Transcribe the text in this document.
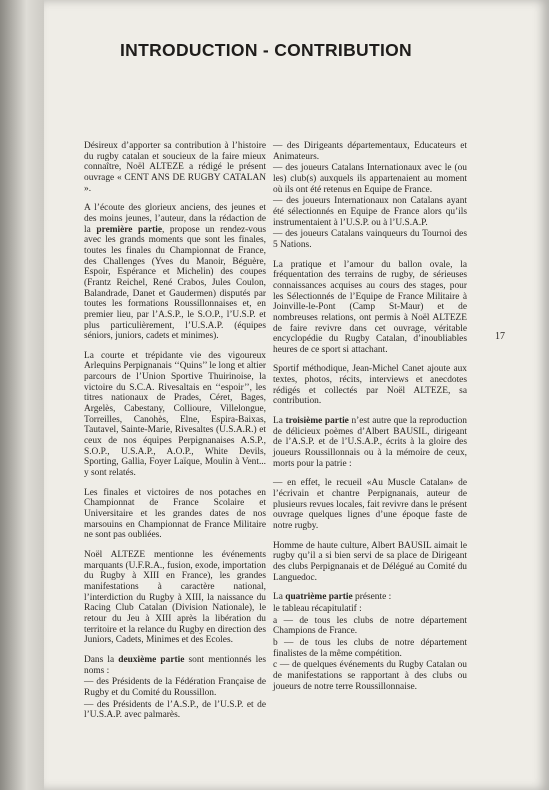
INTRODUCTION - CONTRIBUTION

Désireux d’apporter sa contribution à l’histoire du rugby catalan et soucieux de la faire mieux connaître, Noël ALTEZE a rédigé le présent ouvrage « CENT ANS DE RUGBY CATALAN ».

A l’écoute des glorieux anciens, des jeunes et des moins jeunes, l’auteur, dans la rédaction de la première partie, propose un rendez-vous avec les grands moments que sont les finales, toutes les finales du Championnat de France, des Challenges (Yves du Manoir, Béguère, Espoir, Espérance et Michelin) des coupes (Frantz Reichel, René Crabos, Jules Coulon, Balandrade, Danet et Gaudermen) disputés par toutes les formations Roussillonnaises et, en premier lieu, par l’A.S.P., le S.O.P., l’U.S.P. et plus particulièrement, l’U.S.A.P. (équipes séniors, juniors, cadets et minimes).

La courte et trépidante vie des vigoureux Arlequins Perpignanais ‘‘Quins’’ le long et altier parcours de l’Union Sportive Thuirinoise, la victoire du S.C.A. Rivesaltais en ‘‘espoir’’, les titres nationaux de Prades, Céret, Bages, Argelès, Cabestany, Collioure, Villelongue, Torreilles, Canohès, Elne, Espira-Baixas, Tautavel, Sainte-Marie, Rivesaltes (U.S.A.R.) et ceux de nos équipes Perpignanaises A.S.P., S.O.P., U.S.A.P., A.O.P., White Devils, Sporting, Gallia, Foyer Laïque, Moulin à Vent... y sont relatés.

Les finales et victoires de nos potaches en Championnat de France Scolaire et Universitaire et les grandes dates de nos marsouins en Championnat de France Militaire ne sont pas oubliées.

Noël ALTEZE mentionne les événements marquants (U.F.R.A., fusion, exode, importation du Rugby à XIII en France), les grandes manifestations à caractère national, l’interdiction du Rugby à XIII, la naissance du Racing Club Catalan (Division Nationale), le retour du Jeu à XIII après la libération du territoire et la relance du Rugby en direction des Juniors, Cadets, Minimes et des Ecoles.

Dans la deuxième partie sont mentionnés les noms :

— des Présidents de la Fédération Française de Rugby et du Comité du Roussillon.

— des Présidents de l’A.S.P., de l’U.S.P. et de l’U.S.A.P. avec palmarès.

— des Dirigeants départementaux, Educateurs et Animateurs.

— des joueurs Catalans Internationaux avec le (ou les) club(s) auxquels ils appartenaient au moment où ils ont été retenus en Equipe de France.

— des joueurs Internationaux non Catalans ayant été sélectionnés en Equipe de France alors qu’ils instrumentaient à l’U.S.P. ou à l’U.S.A.P.

— des joueurs Catalans vainqueurs du Tournoi des 5 Nations.

La pratique et l’amour du ballon ovale, la fréquentation des terrains de rugby, de sérieuses connaissances acquises au cours des stages, pour les Sélectionnés de l’Equipe de France Militaire à Joinville-le-Pont (Camp St-Maur) et de nombreuses relations, ont permis à Noël ALTEZE de faire revivre dans cet ouvrage, véritable encyclopédie du Rugby Catalan, d’inoubliables heures de ce sport si attachant.

Sportif méthodique, Jean-Michel Canet ajoute aux textes, photos, récits, interviews et anecdotes rédigés et collectés par Noël ALTEZE, sa contribution.

La troisième partie n’est autre que la reproduction de délicieux poèmes d’Albert BAUSIL, dirigeant de l’A.S.P. et de l’U.S.A.P., écrits à la gloire des joueurs Roussillonnais ou à la mémoire de ceux, morts pour la patrie :

— en effet, le recueil «Au Muscle Catalan» de l’écrivain et chantre Perpignanais, auteur de plusieurs revues locales, fait revivre dans le présent ouvrage quelques lignes d’une époque faste de notre rugby.

Homme de haute culture, Albert BAUSIL aimait le rugby qu’il a si bien servi de sa place de Dirigeant des clubs Perpignanais et de Délégué au Comité du Languedoc.

La quatrième partie présente :

le tableau récapitulatif :

a — de tous les clubs de notre département Champions de France.

b — de tous les clubs de notre département finalistes de la même compétition.

c — de quelques événements du Rugby Catalan ou de manifestations se rapportant à des clubs ou joueurs de notre terre Roussillonnaise.

17
